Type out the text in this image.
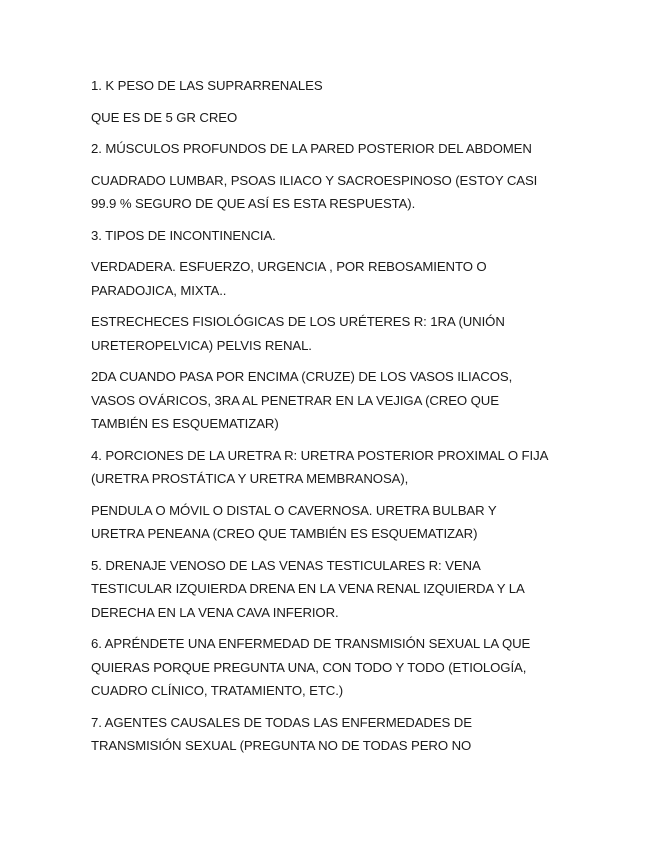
1. K PESO DE LAS SUPRARRENALES

QUE ES DE 5 GR CREO

2. MÚSCULOS PROFUNDOS DE LA PARED POSTERIOR DEL ABDOMEN

CUADRADO LUMBAR, PSOAS ILIACO Y SACROESPINOSO (ESTOY CASI
99.9 % SEGURO DE QUE ASÍ ES ESTA RESPUESTA).

3. TIPOS DE INCONTINENCIA.

VERDADERA. ESFUERZO, URGENCIA , POR REBOSAMIENTO O
PARADOJICA, MIXTA..

ESTRECHECES FISIOLÓGICAS DE LOS URÉTERES R: 1RA (UNIÓN
URETEROPELVICA) PELVIS RENAL.

2DA CUANDO PASA POR ENCIMA (CRUZE) DE LOS VASOS ILIACOS,
VASOS OVÁRICOS, 3RA AL PENETRAR EN LA VEJIGA (CREO QUE
TAMBIÉN ES ESQUEMATIZAR)

4. PORCIONES DE LA URETRA R: URETRA POSTERIOR PROXIMAL O FIJA
(URETRA PROSTÁTICA Y URETRA MEMBRANOSA),

PENDULA O MÓVIL O DISTAL O CAVERNOSA. URETRA BULBAR Y
URETRA PENEANA (CREO QUE TAMBIÉN ES ESQUEMATIZAR)

5. DRENAJE VENOSO DE LAS VENAS TESTICULARES R: VENA
TESTICULAR IZQUIERDA DRENA EN LA VENA RENAL IZQUIERDA Y LA
DERECHA EN LA VENA CAVA INFERIOR.

6. APRÉNDETE UNA ENFERMEDAD DE TRANSMISIÓN SEXUAL LA QUE
QUIERAS PORQUE PREGUNTA UNA, CON TODO Y TODO (ETIOLOGÍA,
CUADRO CLÍNICO, TRATAMIENTO, ETC.)

7. AGENTES CAUSALES DE TODAS LAS ENFERMEDADES DE
TRANSMISIÓN SEXUAL (PREGUNTA NO DE TODAS PERO NO
